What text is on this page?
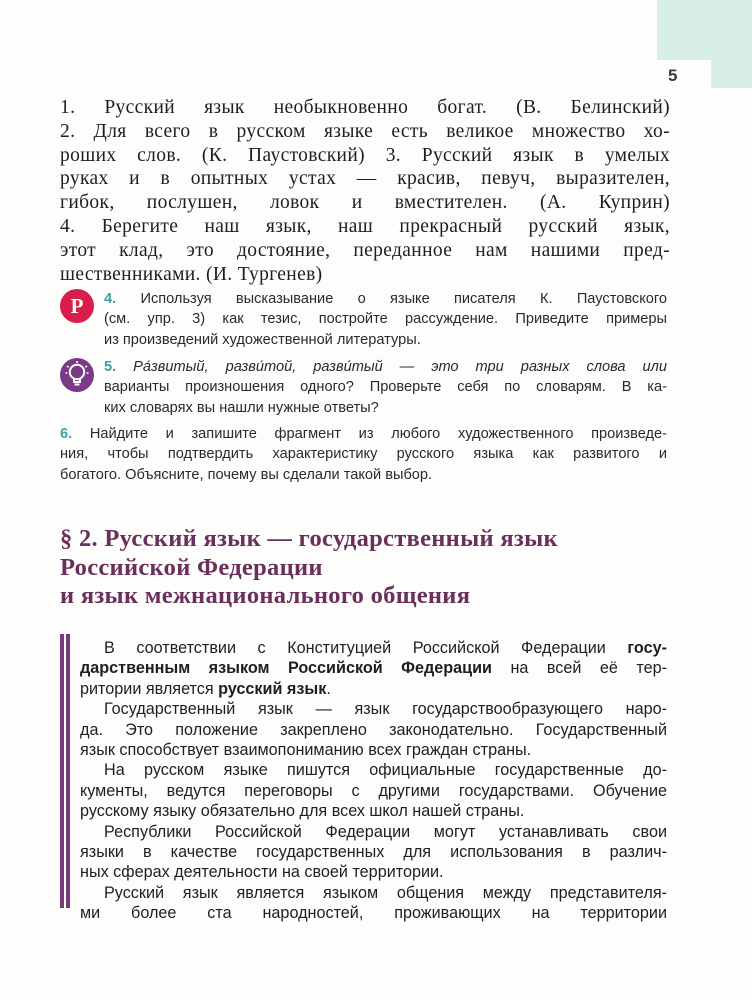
5
1. Русский язык необыкновенно богат. (В. Белинский)
2. Для всего в русском языке есть великое множество хо-
роших слов. (К. Паустовский) 3. Русский язык в умелых
руках и в опытных устах — красив, певуч, выразителен,
гибок, послушен, ловок и вместителен. (А. Куприн)
4. Берегите наш язык, наш прекрасный русский язык,
этот клад, это достояние, переданное нам нашими пред-
шественниками. (И. Тургенев)
Р	4. Используя высказывание о языке писателя К. Паустовского
(см. упр. 3) как тезис, постройте рассуждение. Приведите примеры
из произведений художественной литературы.
5. Ра́звитый, разви́той, разви́тый — это три разных слова или
варианты произношения одного? Проверьте себя по словарям. В ка-
ких словарях вы нашли нужные ответы?
6. Найдите и запишите фрагмент из любого художественного произведе-
ния, чтобы подтвердить характеристику русского языка как развитого и
богатого. Объясните, почему вы сделали такой выбор.
§ 2. Русский язык — государственный язык
Российской Федерации
и язык межнационального общения
В соответствии с Конституцией Российской Федерации госу-
дарственным языком Российской Федерации на всей её тер-
ритории является русский язык.
Государственный язык — язык государствообразующего наро-
да. Это положение закреплено законодательно. Государственный
язык способствует взаимопониманию всех граждан страны.
На русском языке пишутся официальные государственные до-
кументы, ведутся переговоры с другими государствами. Обучение
русскому языку обязательно для всех школ нашей страны.
Республики Российской Федерации могут устанавливать свои
языки в качестве государственных для использования в различ-
ных сферах деятельности на своей территории.
Русский язык является языком общения между представителя-
ми более ста народностей, проживающих на территории
